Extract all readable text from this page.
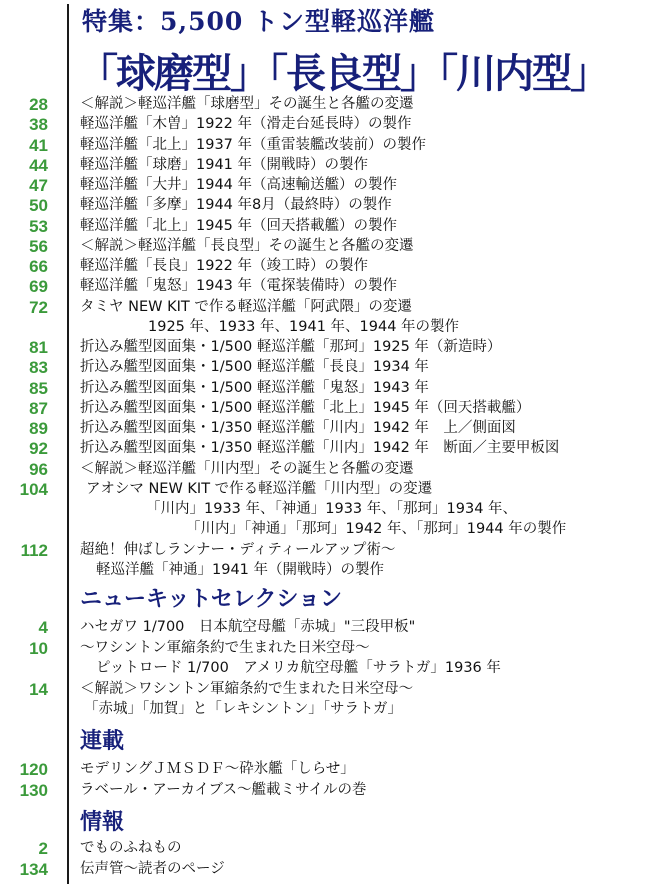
特集：5,500 トン型軽巡洋艦
「球磨型」「長良型」「川内型」
28 ＜解説＞軽巡洋艦「球磨型」その誕生と各艦の変遷
38 軽巡洋艦「木曽」1922 年（滑走台延長時）の製作
41 軽巡洋艦「北上」1937 年（重雷装艦改装前）の製作
44 軽巡洋艦「球磨」1941 年（開戦時）の製作
47 軽巡洋艦「大井」1944 年（高速輸送艦）の製作
50 軽巡洋艦「多摩」1944 年8月（最終時）の製作
53 軽巡洋艦「北上」1945 年（回天搭載艦）の製作
56 ＜解説＞軽巡洋艦「長良型」その誕生と各艦の変遷
66 軽巡洋艦「長良」1922 年（竣工時）の製作
69 軽巡洋艦「鬼怒」1943 年（電探装備時）の製作
72 タミヤ NEW KIT で作る軽巡洋艦「阿武隈」の変遷
1925 年、1933 年、1941 年、1944 年の製作
81 折込み艦型図面集・1/500 軽巡洋艦「那珂」1925 年（新造時）
83 折込み艦型図面集・1/500 軽巡洋艦「長良」1934 年
85 折込み艦型図面集・1/500 軽巡洋艦「鬼怒」1943 年
87 折込み艦型図面集・1/500 軽巡洋艦「北上」1945 年（回天搭載艦）
89 折込み艦型図面集・1/350 軽巡洋艦「川内」1942 年　上／側面図
92 折込み艦型図面集・1/350 軽巡洋艦「川内」1942 年　断面／主要甲板図
96 ＜解説＞軽巡洋艦「川内型」その誕生と各艦の変遷
104	アオシマ NEW KIT で作る軽巡洋艦「川内型」の変遷
「川内」1933 年、「神通」1933 年、「那珂」1934 年、
「川内」「神通」「那珂」1942 年、「那珂」1944 年の製作
112 超絶！伸ばしランナー・ディティールアップ術～
軽巡洋艦「神通」1941 年（開戦時）の製作
ニューキットセレクション
4 ハセガワ 1/700　日本航空母艦「赤城」"三段甲板"
10 ～ワシントン軍縮条約で生まれた日米空母～
ピットロード 1/700　アメリカ航空母艦「サラトガ」1936 年
14 ＜解説＞ワシントン軍縮条約で生まれた日米空母～
「赤城」「加賀」と「レキシントン」「サラトガ」
連載
120 モデリングＪＭＳＤＦ～砕氷艦「しらせ」
130 ラベール・アーカイブス～艦載ミサイルの巻
情報
2 でものふねもの
134 伝声管～読者のページ
